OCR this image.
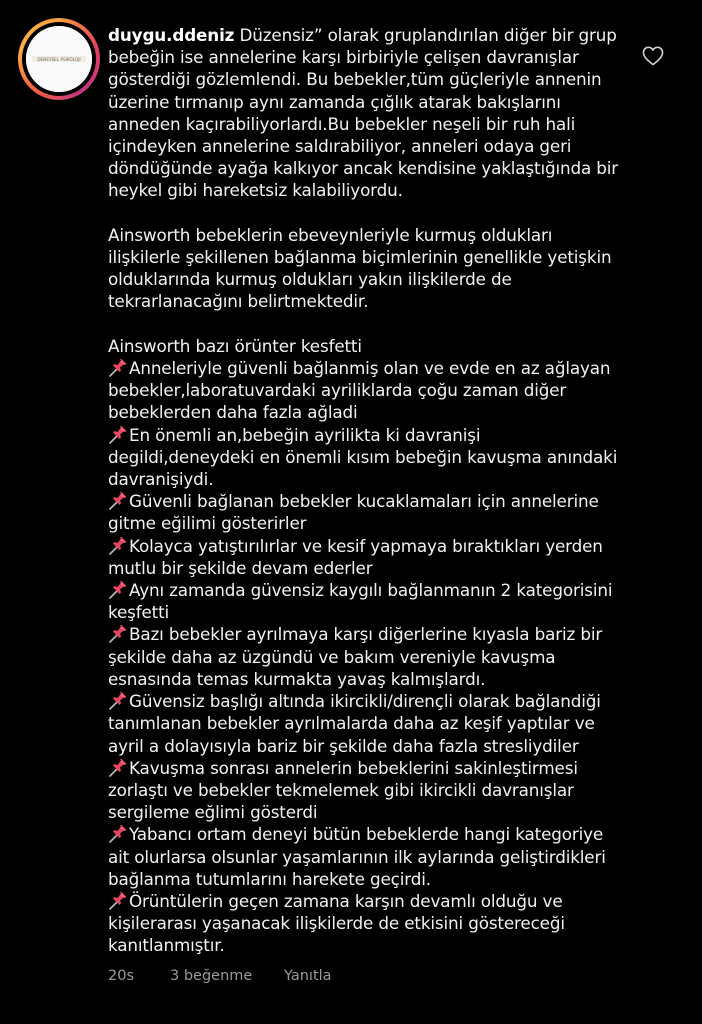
DENEYSEL PSİKOLOJİ
duygu.ddeniz Düzensiz” olarak gruplandırılan diğer bir grup bebeğin ise annelerine karşı birbiriyle çelişen davranışlar gösterdiği gözlemlendi. Bu bebekler,tüm güçleriyle annenin üzerine tırmanıp aynı zamanda çığlık atarak bakışlarını anneden kaçırabiliyorlardı.Bu bebekler neşeli bir ruh hali içindeyken annelerine saldırabiliyor, anneleri odaya geri döndüğünde ayağa kalkıyor ancak kendisine yaklaştığında bir heykel gibi hareketsiz kalabiliyordu.

Ainsworth bebeklerin ebeveynleriyle kurmuş oldukları ilişkilerle şekillenen bağlanma biçimlerinin genellikle yetişkin olduklarında kurmuş oldukları yakın ilişkilerde de tekrarlanacağını belirtmektedir.

Ainsworth bazı örünter kesfetti
Anneleriyle güvenli bağlanmiş olan ve evde en az ağlayan bebekler,laboratuvardaki ayriliklarda çoğu zaman diğer bebeklerden daha fazla ağladi
En önemli an,bebeğin ayrilikta ki davranişi degildi,deneydeki en önemli kısım bebeğin kavuşma anındaki davranişiydi.
Güvenli bağlanan bebekler kucaklamaları için annelerine gitme eğilimi gösterirler
Kolayca yatıştırılırlar ve kesif yapmaya bıraktıkları yerden mutlu bir şekilde devam ederler
Aynı zamanda güvensiz kaygılı bağlanmanın 2 kategorisini keşfetti
Bazı bebekler ayrılmaya karşı diğerlerine kıyasla bariz bir şekilde daha az üzgündü ve bakım vereniyle kavuşma esnasında temas kurmakta yavaş kalmışlardı.
Güvensiz başlığı altında ikircikli/dirençli olarak bağlandiği tanımlanan bebekler ayrılmalarda daha az keşif yaptılar ve ayril a dolayısıyla bariz bir şekilde daha fazla stresliydiler
Kavuşma sonrası annelerin bebeklerini sakinleştirmesi zorlaştı ve bebekler tekmelemek gibi ikircikli davranışlar sergileme eğlimi gösterdi
Yabancı ortam deneyi bütün bebeklerde hangi kategoriye ait olurlarsa olsunlar yaşamlarının ilk aylarında geliştirdikleri bağlanma tutumlarını harekete geçirdi.
Örüntülerin geçen zamana karşın devamlı olduğu ve kişilerarası yaşanacak ilişkilerde de etkisini göstereceği kanıtlanmıştır.
20s	3 beğenme	Yanıtla
